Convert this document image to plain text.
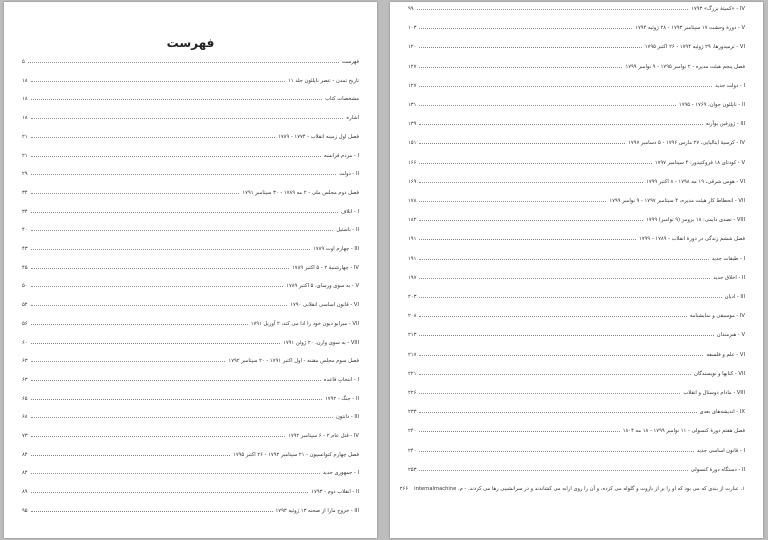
فهرست
فهرست
۵
تاریخ تمدن - عصر ناپلئون جلد ۱۱
۱۸
مشخصات کتاب
۱۸
اشاره
۱۸
فصل اول زمینه انقلاب - ۱۷۷۴ - ۱۷۸۹
۲۱
I - مردم فرانسه
۲۱
II - دولت
۲۹
فصل دوم مجلس ملی - ۲ مه ۱۷۸۹ - ۳۰ سپتامبر ۱۷۹۱
۳۴
I - اتلاف
۳۴
II - باستیل
۴۰
III - چهارم اوت ۱۷۸۹
۴۳
IV - چهارشنبهٔ ۲ - ۵ اکتبر ۱۷۸۹
۴۵
V - به سوی ورسای، ۵ اکتبر ۱۷۸۹
۵۰
VI - قانون اساسی انقلابی ۱۷۹۰
۵۴
VII - میرابو دیون خود را ادا می کند، ۲ آوریل ۱۷۹۱
۵۶
VIII - به سوی وارن، ۲۰ ژوئن ۱۷۹۱
۶۰
فصل سوم مجلس مقننه - اول اکتبر ۱۷۹۱ - ۲۰ سپتامبر ۱۷۹۲
۶۳
I - انتخابِ قاعده
۶۳
II - جنگ - ۱۷۹۲
۶۵
III - دانتون
۶۸
IV - قتل عام ۲ - ۶ سپتامبر ۱۷۹۲
۷۳
فصل چهارم کنوانسیون - ۲۱ سپتامبر ۱۷۹۲ - ۲۶ اکتبر ۱۷۹۵
۸۴
I - جمهوری جدید
۸۴
II - انقلاب دوم - ۱۷۹۳
۸۹
III - خروج مارا از صحنه ۱۳ ژوئیه ۱۷۹۳
۹۵
IV - «کمیتهٔ بزرگ» ۱۷۹۳
۹۹
V - دورهٔ وحشت ۱۷ سپتامبر ۱۷۹۳ - ۲۸ ژوئیه ۱۷۹۴
۱۰۳
VI - ترمیدورها، ۲۹ ژوئیه ۱۷۹۴ - ۲۶ اکتبر ۱۷۹۵
۱۲۰
فصل پنجم هیئت مدیره - ۲ نوامبر ۱۷۹۵ - ۹ نوامبر ۱۷۹۹
۱۲۷
I - دولت جدید
۱۲۷
II - ناپلئون جوان، ۱۷۶۹ - ۱۷۹۵
۱۳۱
III - ژوزفین بوآرنه
۱۳۹
IV - کرسیهٔ ایتالیایی، ۲۷ مارس ۱۷۹۶ - ۵ دسامبر ۱۷۹۷
۱۵۱
V - کودتای ۱۸ فروکتیدور، ۴ سپتامبر ۱۷۹۷
۱۶۶
VI - هوس شرقی، ۱۹ مه ۱۷۹۸ - ۸ اکتبر ۱۷۹۹
۱۶۹
VII - انحطاط کار هیئت مدیره، ۴ سپتامبر ۱۷۹۷ - ۹ نوامبر ۱۷۹۹
۱۷۸
VIII - تصدی دایمی: ۱۸ برومر (۹ نوامبر) ۱۷۹۹
۱۸۲
فصل ششم زندگی در دورهٔ انقلاب - ۱۷۸۹ - ۱۷۹۹
۱۹۱
I - طبقات جدید
۱۹۱
II - اخلاق جدید
۱۹۷
III - ادیان
۲۰۳
IV - موسیقی و نمایشنامه
۲۰۸
V - هنرمندان
۲۱۳
VI - علم و فلسفه
۲۱۷
VII - کتابها و نویسندگان
۲۲۱
VIII - مادام دوستال و انقلاب
۲۲۶
IX - اندیشه‌های بعدی
۲۳۳
فصل هفتم دورهٔ کنسولی - ۱۱ نوامبر ۱۷۹۹ - ۱۸ مه ۱۸۰۴
۲۴۰
I - قانون اساسی جدید
۲۴۰
II - دستگاه دورهٔ کنسولی
۲۵۳
۱. عبارت از بندی که می بود که او را بر از بازوت و گلوله می کرده، و آن را روی ارابه می کشاندند و در سرانشیبی رها می کردند. - م. internalmachine
۲۶۶
